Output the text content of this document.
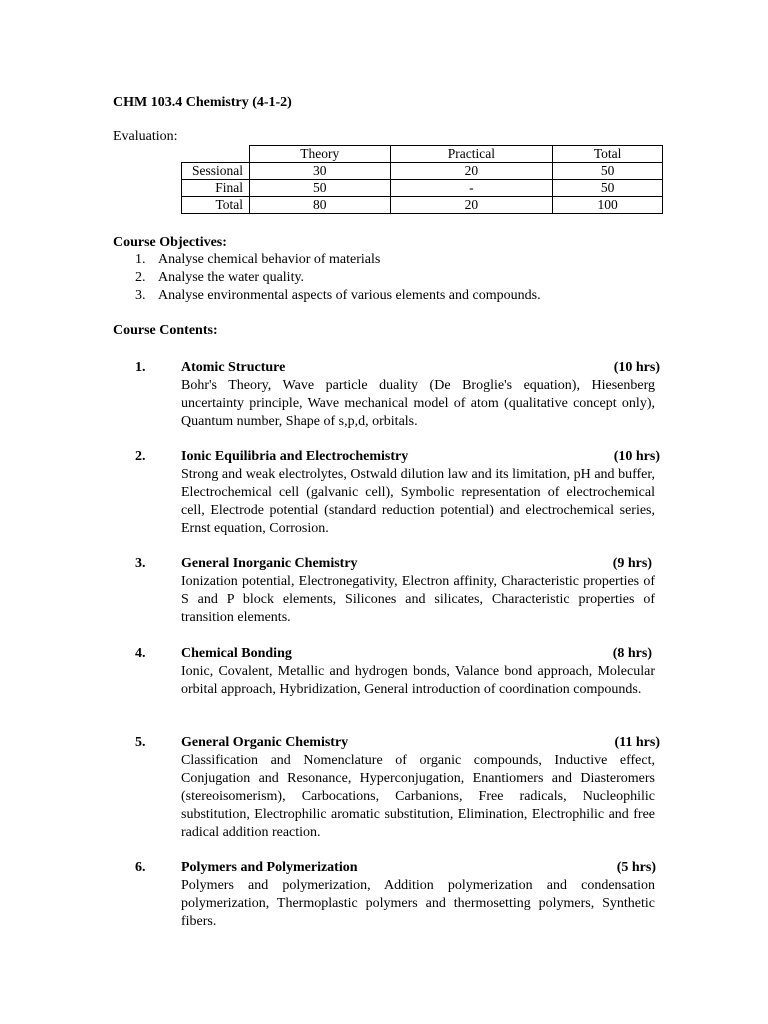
CHM 103.4 Chemistry (4-1-2)
Evaluation:
	Theory	Practical	Total
Sessional	30	20	50
Final	50	-	50
Total	80	20	100
Course Objectives:
1. Analyse chemical behavior of materials
2. Analyse the water quality.
3. Analyse environmental aspects of various elements and compounds.
Course Contents:
1.	Atomic Structure	(10 hrs)
Bohr's Theory, Wave particle duality (De Broglie's equation), Hiesenberg uncertainty principle, Wave mechanical model of atom (qualitative concept only), Quantum number, Shape of s,p,d, orbitals.
2.	Ionic Equilibria and Electrochemistry	(10 hrs)
Strong and weak electrolytes, Ostwald dilution law and its limitation, pH and buffer, Electrochemical cell (galvanic cell), Symbolic representation of electrochemical cell, Electrode potential (standard reduction potential) and electrochemical series, Ernst equation, Corrosion.
3.	General Inorganic Chemistry	(9 hrs)
Ionization potential, Electronegativity, Electron affinity, Characteristic properties of S and P block elements, Silicones and silicates, Characteristic properties of transition elements.
4.	Chemical Bonding	(8 hrs)
Ionic, Covalent, Metallic and hydrogen bonds, Valance bond approach, Molecular orbital approach, Hybridization, General introduction of coordination compounds.
5.	General Organic Chemistry	(11 hrs)
Classification and Nomenclature of organic compounds, Inductive effect, Conjugation and Resonance, Hyperconjugation, Enantiomers and Diasteromers (stereoisomerism), Carbocations, Carbanions, Free radicals, Nucleophilic substitution, Electrophilic aromatic substitution, Elimination, Electrophilic and free radical addition reaction.
6.	Polymers and Polymerization	(5 hrs)
Polymers and polymerization, Addition polymerization and condensation polymerization, Thermoplastic polymers and thermosetting polymers, Synthetic fibers.
